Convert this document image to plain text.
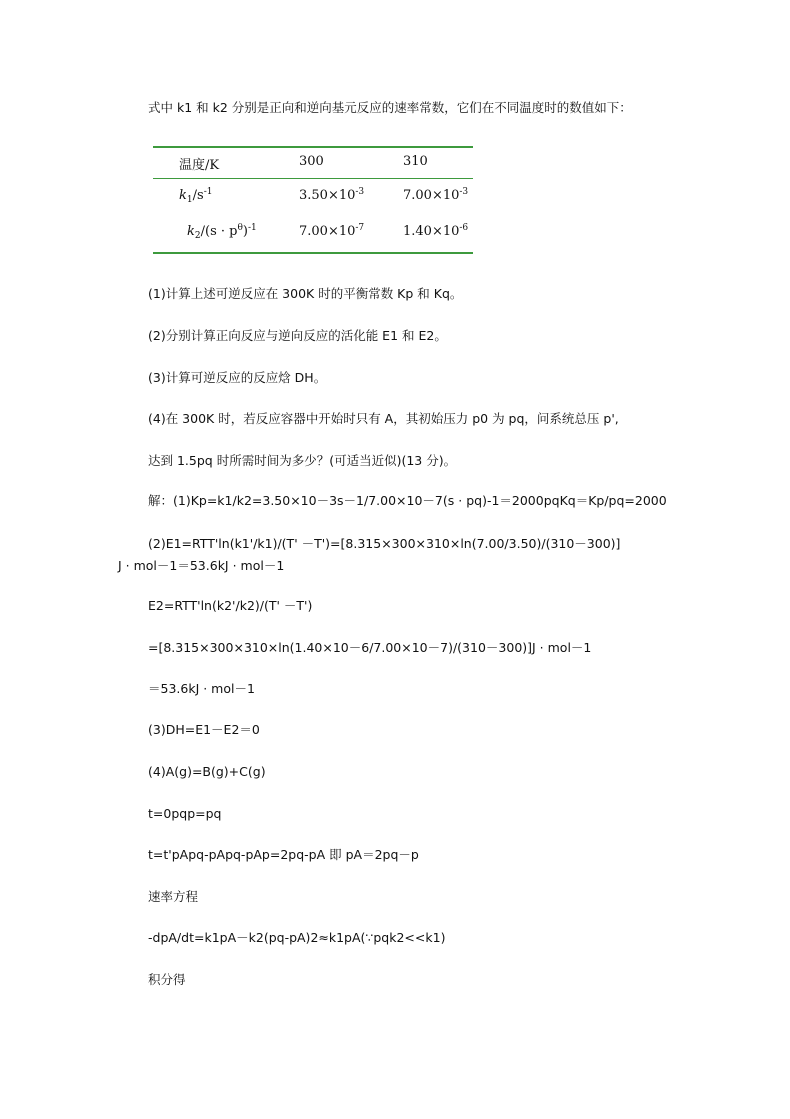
式中 k1 和 k2 分别是正向和逆向基元反应的速率常数，它们在不同温度时的数值如下：
温度/K	300	310
$k_1/s^{-1}$	$3.50\times 10^{-3}$	$7.00\times 10^{-3}$
$k_2/(s \cdot p^\theta)^{-1}$	$7.00\times 10^{-7}$	$1.40\times 10^{-6}$
(1)计算上述可逆反应在 300K 时的平衡常数 Kp 和 Kq。
(2)分别计算正向反应与逆向反应的活化能 E1 和 E2。
(3)计算可逆反应的反应焓 DH。
(4)在 300K 时，若反应容器中开始时只有 A，其初始压力 p0 为 pq，问系统总压 p',
达到 1.5pq 时所需时间为多少？(可适当近似)(13 分)。
解：(1)Kp=k1/k2=3.50×10－3s－1/7.00×10－7(s · pq)-1＝2000pqKq＝Kp/pq=2000
(2)E1=RTT'ln(k1'/k1)/(T' －T')=[8.315×300×310×ln(7.00/3.50)/(310－300)]
J · mol－1＝53.6kJ · mol－1
E2=RTT'ln(k2'/k2)/(T' －T')
=[8.315×300×310×ln(1.40×10－6/7.00×10－7)/(310－300)]J · mol－1
＝53.6kJ · mol－1
(3)DH=E1－E2＝0
(4)A(g)=B(g)+C(g)
t=0pqp=pq
t=t'pApq-pApq-pAp=2pq-pA 即 pA＝2pq－p
速率方程
-dpA/dt=k1pA－k2(pq-pA)2≈k1pA(∵pqk2<<k1)
积分得
